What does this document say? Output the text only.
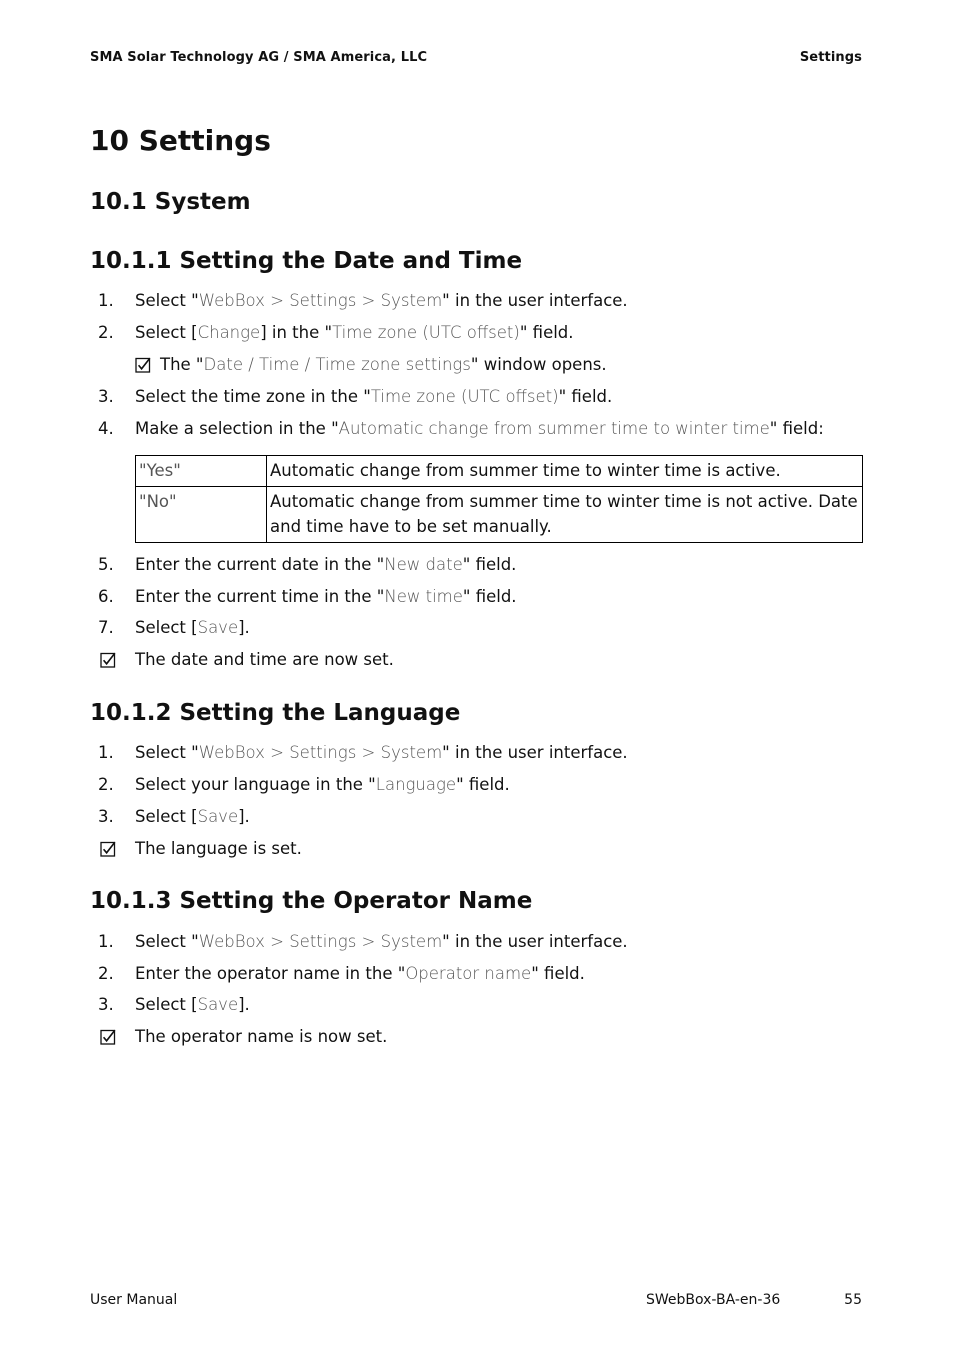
SMA Solar Technology AG / SMA America, LLC	Settings
10 Settings
10.1 System
10.1.1 Setting the Date and Time
1.	Select "WebBox > Settings > System" in the user interface.
2.	Select [Change] in the "Time zone (UTC offset)" field.
The "Date / Time / Time zone settings" window opens.
3.	Select the time zone in the "Time zone (UTC offset)" field.
4.	Make a selection in the "Automatic change from summer time to winter time" field:
"Yes"	Automatic change from summer time to winter time is active.
"No"	Automatic change from summer time to winter time is not active. Date and time have to be set manually.
5.	Enter the current date in the "New date" field.
6.	Enter the current time in the "New time" field.
7.	Select [Save].
The date and time are now set.
10.1.2 Setting the Language
1.	Select "WebBox > Settings > System" in the user interface.
2.	Select your language in the "Language" field.
3.	Select [Save].
The language is set.
10.1.3 Setting the Operator Name
1.	Select "WebBox > Settings > System" in the user interface.
2.	Enter the operator name in the "Operator name" field.
3.	Select [Save].
The operator name is now set.
User Manual	SWebBox-BA-en-36	55
